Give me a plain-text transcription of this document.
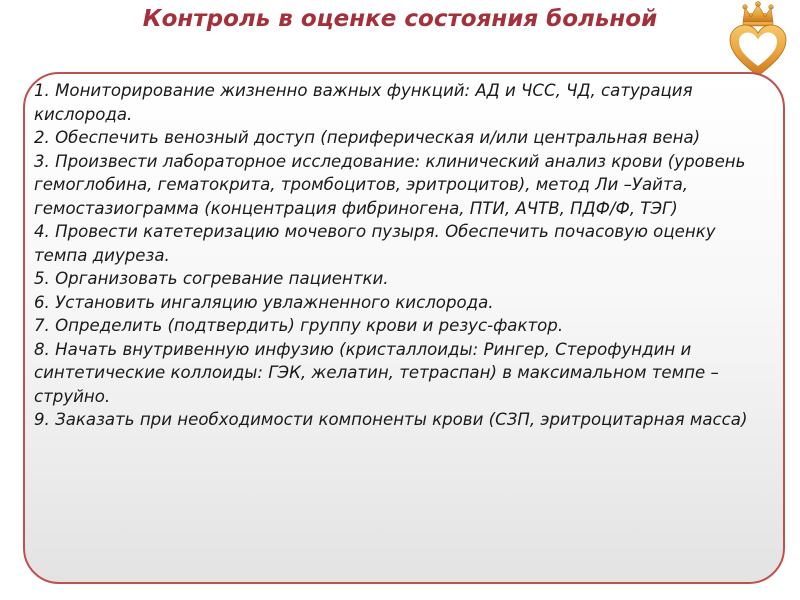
Контроль в оценке состояния больной
1. Мониторирование жизненно важных функций: АД и ЧСС, ЧД, сатурация кислорода.
2. Обеспечить венозный доступ (периферическая и/или центральная вена)
3. Произвести лабораторное исследование: клинический анализ крови (уровень гемоглобина, гематокрита, тромбоцитов, эритроцитов), метод Ли –Уайта, гемостазиограмма (концентрация фибриногена, ПТИ, АЧТВ, ПДФ/Ф, ТЭГ)
4. Провести катетеризацию мочевого пузыря. Обеспечить почасовую оценку темпа диуреза.
5. Организовать согревание пациентки.
6. Установить ингаляцию увлажненного кислорода.
7. Определить (подтвердить) группу крови и резус-фактор.
8. Начать внутривенную инфузию (кристаллоиды: Рингер, Стерофундин и синтетические коллоиды: ГЭК, желатин, тетраспан) в максимальном темпе – струйно.
9. Заказать при необходимости компоненты крови (СЗП, эритроцитарная масса)
